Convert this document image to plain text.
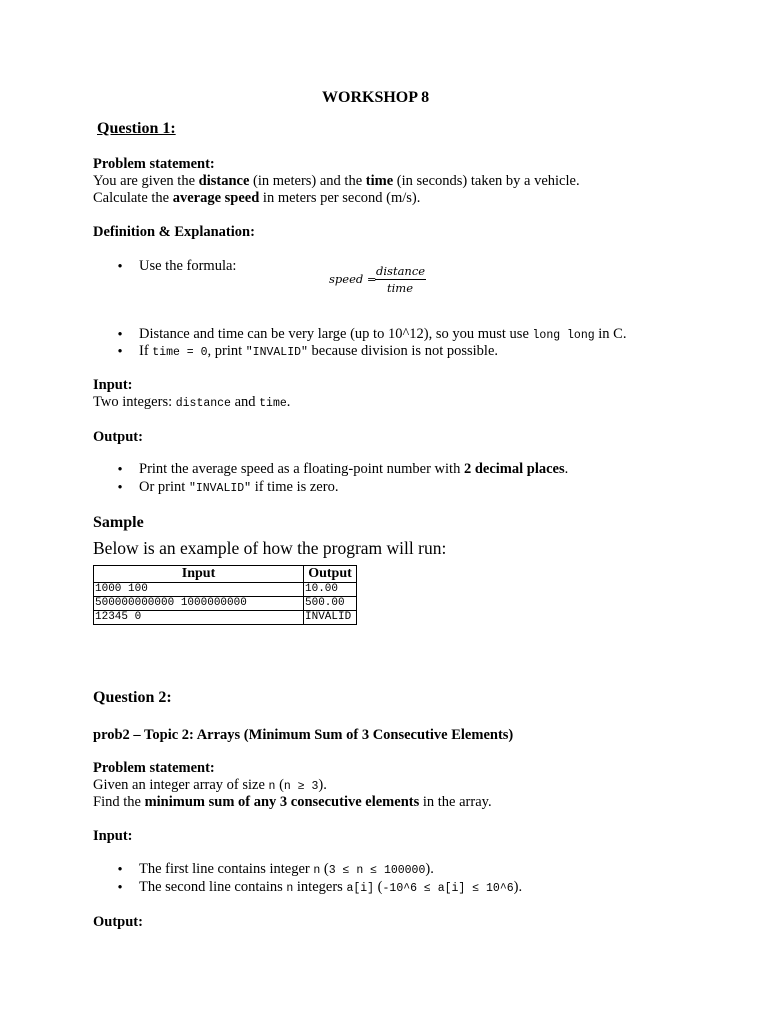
WORKSHOP 8
Question 1:
Problem statement:
You are given the distance (in meters) and the time (in seconds) taken by a vehicle.
Calculate the average speed in meters per second (m/s).
Definition & Explanation:
• Use the formula:
speed =
distance
time
• Distance and time can be very large (up to 10^12), so you must use long long in C.
• If time = 0, print "INVALID" because division is not possible.
Input:
Two integers: distance and time.
Output:
• Print the average speed as a floating-point number with 2 decimal places.
• Or print "INVALID" if time is zero.
Sample
Below is an example of how the program will run:
Input	Output
1000 100	10.00
500000000000 1000000000	500.00
12345 0	INVALID
Question 2:
prob2 – Topic 2: Arrays (Minimum Sum of 3 Consecutive Elements)
Problem statement:
Given an integer array of size n (n ≥ 3).
Find the minimum sum of any 3 consecutive elements in the array.
Input:
• The first line contains integer n (3 ≤ n ≤ 100000).
• The second line contains n integers a[i] (-10^6 ≤ a[i] ≤ 10^6).
Output:
